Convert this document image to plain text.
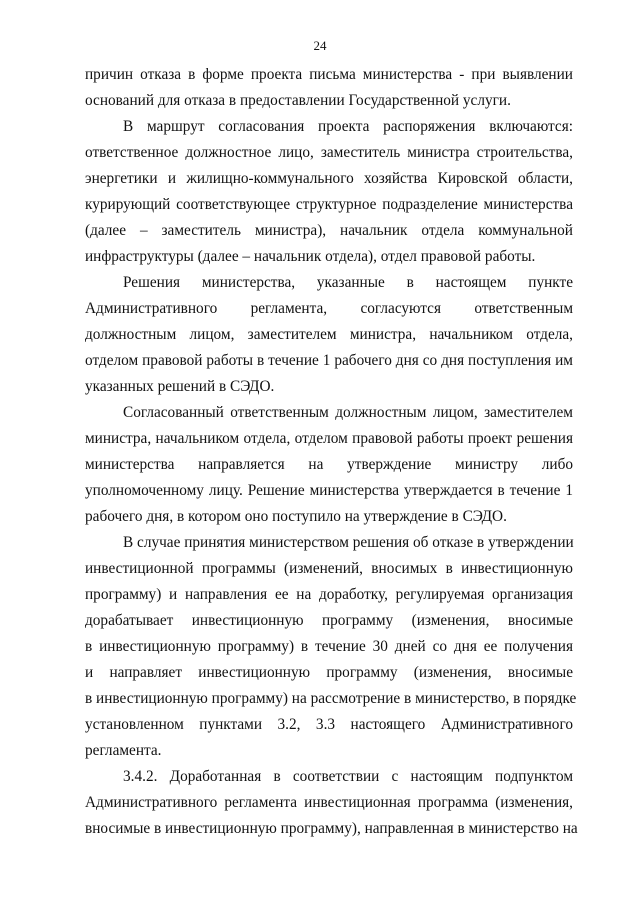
24
причин отказа в форме проекта письма министерства - при выявлении
оснований для отказа в предоставлении Государственной услуги.
В маршрут согласования проекта распоряжения включаются:
ответственное должностное лицо, заместитель министра строительства,
энергетики и жилищно-коммунального хозяйства Кировской области,
курирующий соответствующее структурное подразделение министерства
(далее – заместитель министра), начальник отдела коммунальной
инфраструктуры (далее – начальник отдела), отдел правовой работы.
Решения министерства, указанные в настоящем пункте
Административного регламента, согласуются ответственным
должностным лицом, заместителем министра, начальником отдела,
отделом правовой работы в течение 1 рабочего дня со дня поступления им
указанных решений в СЭДО.
Согласованный ответственным должностным лицом, заместителем
министра, начальником отдела, отделом правовой работы проект решения
министерства направляется на утверждение министру либо
уполномоченному лицу. Решение министерства утверждается в течение 1
рабочего дня, в котором оно поступило на утверждение в СЭДО.
В случае принятия министерством решения об отказе в утверждении
инвестиционной программы (изменений, вносимых в инвестиционную
программу) и направления ее на доработку, регулируемая организация
дорабатывает инвестиционную программу (изменения, вносимые
в инвестиционную программу) в течение 30 дней со дня ее получения
и направляет инвестиционную программу (изменения, вносимые
в инвестиционную программу) на рассмотрение в министерство, в порядке
установленном пунктами 3.2, 3.3 настоящего Административного
регламента.
3.4.2. Доработанная в соответствии с настоящим подпунктом
Административного регламента инвестиционная программа (изменения,
вносимые в инвестиционную программу), направленная в министерство на
